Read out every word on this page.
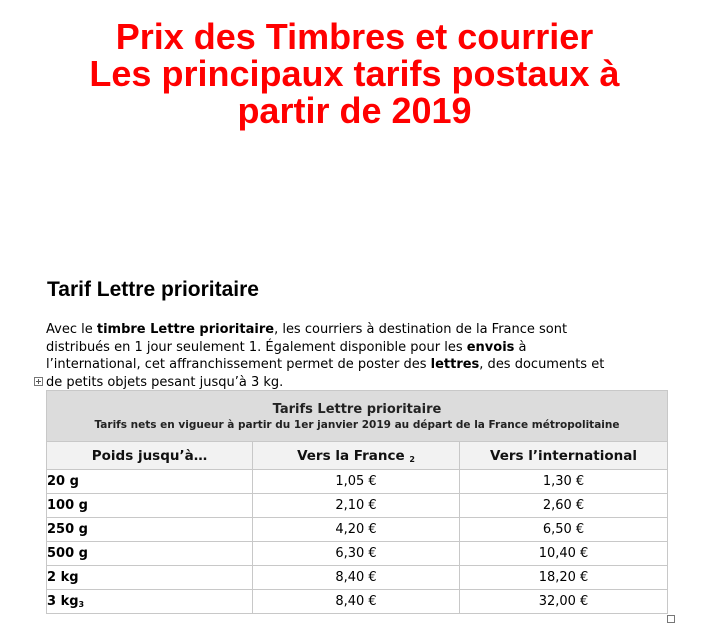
Prix des Timbres et courrier
Les principaux tarifs postaux à
partir de 2019
Tarif Lettre prioritaire
Avec le timbre Lettre prioritaire, les courriers à destination de la France sont
distribués en 1 jour seulement 1. Également disponible pour les envois à
l’international, cet affranchissement permet de poster des lettres, des documents et
de petits objets pesant jusqu’à 3 kg.
Tarifs Lettre prioritaire
Tarifs nets en vigueur à partir du 1er janvier 2019 au départ de la France métropolitaine		

Poids jusqu’à…	Vers la France $_2$	Vers l’international
20 g	1,05 €	1,30 €
100 g	2,10 €	2,60 €
250 g	4,20 €	6,50 €
500 g	6,30 €	10,40 €
2 kg	8,40 €	18,20 €
3 $kg_3$	8,40 €	32,00 €
